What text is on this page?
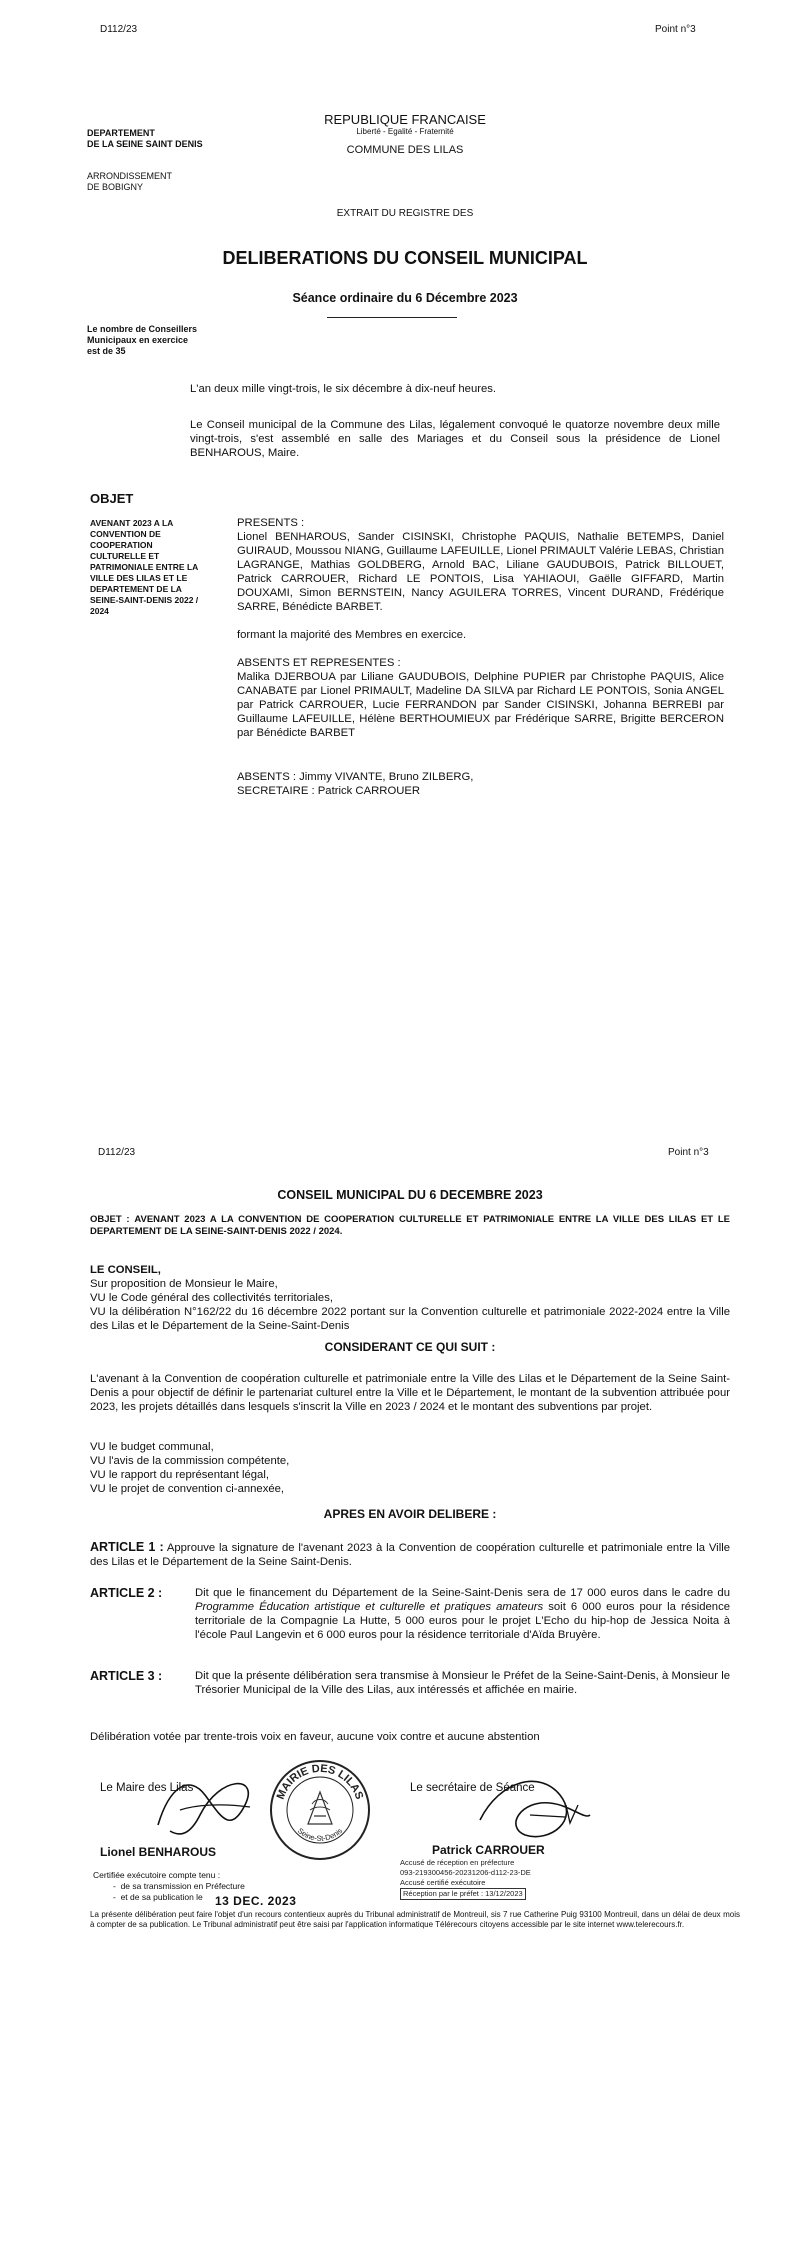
D112/23	Point n°3
DEPARTEMENT
DE LA SEINE SAINT DENIS
ARRONDISSEMENT
DE BOBIGNY
REPUBLIQUE FRANCAISE
Liberté - Egalité - Fraternité
COMMUNE DES LILAS
EXTRAIT DU REGISTRE DES
DELIBERATIONS DU CONSEIL MUNICIPAL
Séance ordinaire du 6 Décembre 2023
Le nombre de Conseillers
Municipaux en exercice
est de 35
L'an deux mille vingt-trois, le six décembre à dix-neuf heures.
Le Conseil municipal de la Commune des Lilas, légalement convoqué le quatorze novembre deux mille vingt-trois, s'est assemblé en salle des Mariages et du Conseil sous la présidence de Lionel BENHAROUS, Maire.
OBJET
AVENANT 2023 A LA CONVENTION DE COOPERATION CULTURELLE ET PATRIMONIALE ENTRE LA VILLE DES LILAS ET LE DEPARTEMENT DE LA SEINE-SAINT-DENIS 2022 / 2024
PRESENTS :
Lionel BENHAROUS, Sander CISINSKI, Christophe PAQUIS, Nathalie BETEMPS, Daniel GUIRAUD, Moussou NIANG, Guillaume LAFEUILLE, Lionel PRIMAULT Valérie LEBAS, Christian LAGRANGE, Mathias GOLDBERG, Arnold BAC, Liliane GAUDUBOIS, Patrick BILLOUET, Patrick CARROUER, Richard LE PONTOIS, Lisa YAHIAOUI, Gaëlle GIFFARD, Martin DOUXAMI, Simon BERNSTEIN, Nancy AGUILERA TORRES, Vincent DURAND, Frédérique SARRE, Bénédicte BARBET.
formant la majorité des Membres en exercice.
ABSENTS ET REPRESENTES :
Malika DJERBOUA par Liliane GAUDUBOIS, Delphine PUPIER par Christophe PAQUIS, Alice CANABATE par Lionel PRIMAULT, Madeline DA SILVA par Richard LE PONTOIS, Sonia ANGEL par Patrick CARROUER, Lucie FERRANDON par Sander CISINSKI, Johanna BERREBI par Guillaume LAFEUILLE, Hélène BERTHOUMIEUX par Frédérique SARRE, Brigitte BERCERON par Bénédicte BARBET
ABSENTS : Jimmy VIVANTE, Bruno ZILBERG,
SECRETAIRE : Patrick CARROUER
D112/23	Point n°3
CONSEIL MUNICIPAL DU 6 DECEMBRE 2023
OBJET : AVENANT 2023 A LA CONVENTION DE COOPERATION CULTURELLE ET PATRIMONIALE ENTRE LA VILLE DES LILAS ET LE DEPARTEMENT DE LA SEINE-SAINT-DENIS 2022 / 2024.
LE CONSEIL,
Sur proposition de Monsieur le Maire,
VU le Code général des collectivités territoriales,
VU la délibération N°162/22 du 16 décembre 2022 portant sur la Convention culturelle et patrimoniale 2022-2024 entre la Ville des Lilas et le Département de la Seine-Saint-Denis
CONSIDERANT CE QUI SUIT :
L'avenant à la Convention de coopération culturelle et patrimoniale entre la Ville des Lilas et le Département de la Seine Saint-Denis a pour objectif de définir le partenariat culturel entre la Ville et le Département, le montant de la subvention attribuée pour 2023, les projets détaillés dans lesquels s'inscrit la Ville en 2023 / 2024 et le montant des subventions par projet.
VU le budget communal,
VU l'avis de la commission compétente,
VU le rapport du représentant légal,
VU le projet de convention ci-annexée,
APRES EN AVOIR DELIBERE :
ARTICLE 1 : Approuve la signature de l'avenant 2023 à la Convention de coopération culturelle et patrimoniale entre la Ville des Lilas et le Département de la Seine Saint-Denis.
ARTICLE 2 :	Dit que le financement du Département de la Seine-Saint-Denis sera de 17 000 euros dans le cadre du Programme Éducation artistique et culturelle et pratiques amateurs soit 6 000 euros pour la résidence territoriale de la Compagnie La Hutte, 5 000 euros pour le projet L'Echo du hip-hop de Jessica Noita à l'école Paul Langevin et 6 000 euros pour la résidence territoriale d'Aïda Bruyère.
ARTICLE 3 :	Dit que la présente délibération sera transmise à Monsieur le Préfet de la Seine-Saint-Denis, à Monsieur le Trésorier Municipal de la Ville des Lilas, aux intéressés et affichée en mairie.
Délibération votée par trente-trois voix en faveur, aucune voix contre et aucune abstention
Le Maire des Lilas
Lionel BENHAROUS
MAIRIE DES LILAS
Seine-St-Denis
Le secrétaire de Séance
Patrick CARROUER
Accusé de réception en préfecture
093-219300456-20231206-d112-23-DE
Accusé certifié exécutoire
Réception par le préfet : 13/12/2023
Certifiée exécutoire compte tenu :
-  de sa transmission en Préfecture
-  et de sa publication le	13 DEC. 2023
La présente délibération peut faire l'objet d'un recours contentieux auprès du Tribunal administratif de Montreuil, sis 7 rue Catherine Puig 93100 Montreuil, dans un délai de deux mois à compter de sa publication. Le Tribunal administratif peut être saisi par l'application informatique Télérecours citoyens accessible par le site internet www.telerecours.fr.
